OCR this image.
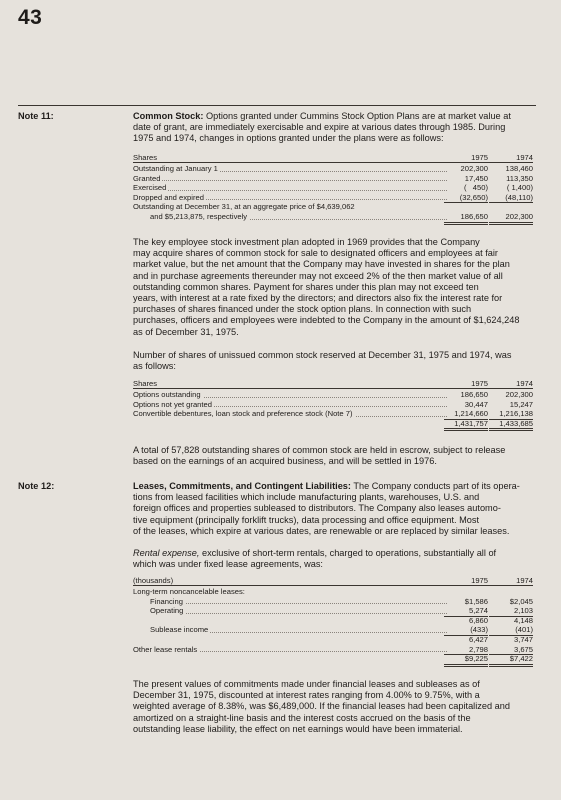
43
Note 11:	Common Stock: Options granted under Cummins Stock Option Plans are at market value at
date of grant, are immediately exercisable and expire at various dates through 1985. During
1975 and 1974, changes in options granted under the plans were as follows:

Shares	1975	1974
Outstanding at January 1	202,300	138,460
Granted	17,450	113,350
Exercised	(   450)	( 1,400)
Dropped and expired	(32,650)	(48,110)
Outstanding at December 31, at an aggregate price of $4,639,062
and $5,213,875, respectively	186,650	202,300

The key employee stock investment plan adopted in 1969 provides that the Company
may acquire shares of common stock for sale to designated officers and employees at fair
market value, but the net amount that the Company may have invested in shares for the plan
and in purchase agreements thereunder may not exceed 2% of the then market value of all
outstanding common shares. Payment for shares under this plan may not exceed ten
years, with interest at a rate fixed by the directors; and directors also fix the interest rate for
purchases of shares financed under the stock option plans. In connection with such
purchases, officers and employees were indebted to the Company in the amount of $1,624,248
as of December 31, 1975.

Number of shares of unissued common stock reserved at December 31, 1975 and 1974, was
as follows:

Shares	1975	1974
Options outstanding	186,650	202,300
Options not yet granted	30,447	15,247
Convertible debentures, loan stock and preference stock (Note 7)	1,214,660	1,216,138
1,431,757	1,433,685

A total of 57,828 outstanding shares of common stock are held in escrow, subject to release
based on the earnings of an acquired business, and will be settled in 1976.

Note 12:	Leases, Commitments, and Contingent Liabilities: The Company conducts part of its opera-
tions from leased facilities which include manufacturing plants, warehouses, U.S. and
foreign offices and properties subleased to distributors. The Company also leases automo-
tive equipment (principally forklift trucks), data processing and office equipment. Most
of the leases, which expire at various dates, are renewable or are replaced by similar leases.

Rental expense, exclusive of short-term rentals, charged to operations, substantially all of
which was under fixed lease agreements, was:

(thousands)	1975	1974
Long-term noncancelable leases:
Financing	$1,586	$2,045
Operating	5,274	2,103
6,860	4,148
Sublease income	(433)	(401)
6,427	3,747
Other lease rentals	2,798	3,675
$9,225	$7,422

The present values of commitments made under financial leases and subleases as of
December 31, 1975, discounted at interest rates ranging from 4.00% to 9.75%, with a
weighted average of 8.38%, was $6,489,000. If the financial leases had been capitalized and
amortized on a straight-line basis and the interest costs accrued on the basis of the
outstanding lease liability, the effect on net earnings would have been immaterial.
